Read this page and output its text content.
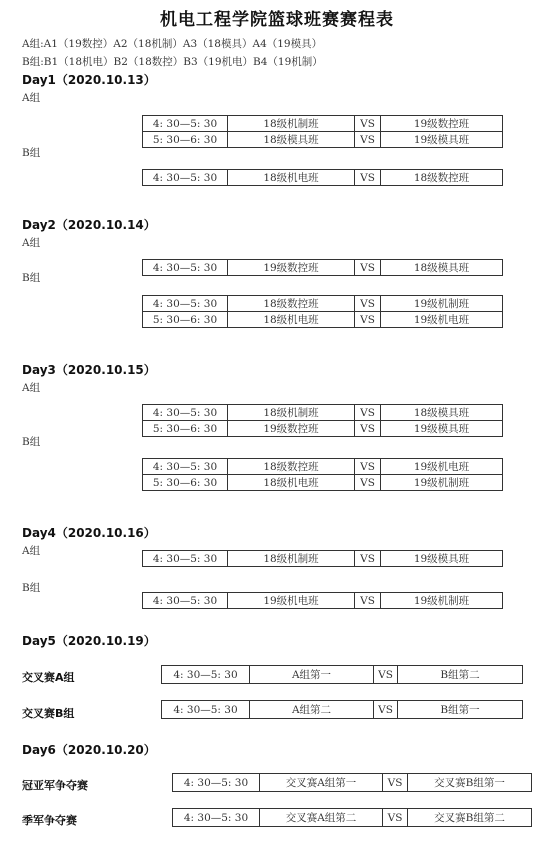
机电工程学院篮球班赛赛程表
A组:A1（19数控）A2（18机制）A3（18模具）A4（19模具）
B组:B1（18机电）B2（18数控）B3（19机电）B4（19机制）
Day1（2020.10.13）
A组
B组
Day2（2020.10.14）
A组
B组
Day3（2020.10.15）
A组
B组
Day4（2020.10.16）
A组
B组
Day5（2020.10.19）
交叉赛A组
交叉赛B组
Day6（2020.10.20）
冠亚军争夺赛
季军争夺赛
4: 30—5: 30	18级机制班	VS	19级数控班
5: 30—6: 30	18级模具班	VS	19级模具班
4: 30—5: 30	18级机电班	VS	18级数控班
4: 30—5: 30	19级数控班	VS	18级模具班
4: 30—5: 30	18级数控班	VS	19级机制班
5: 30—6: 30	18级机电班	VS	19级机电班
4: 30—5: 30	18级机制班	VS	18级模具班
5: 30—6: 30	19级数控班	VS	19级模具班
4: 30—5: 30	18级数控班	VS	19级机电班
5: 30—6: 30	18级机电班	VS	19级机制班
4: 30—5: 30	18级机制班	VS	19级模具班
4: 30—5: 30	19级机电班	VS	19级机制班
4: 30—5: 30	A组第一	VS	B组第二
4: 30—5: 30	A组第二	VS	B组第一
4: 30—5: 30	交叉赛A组第一	VS	交叉赛B组第一
4: 30—5: 30	交叉赛A组第二	VS	交叉赛B组第二
